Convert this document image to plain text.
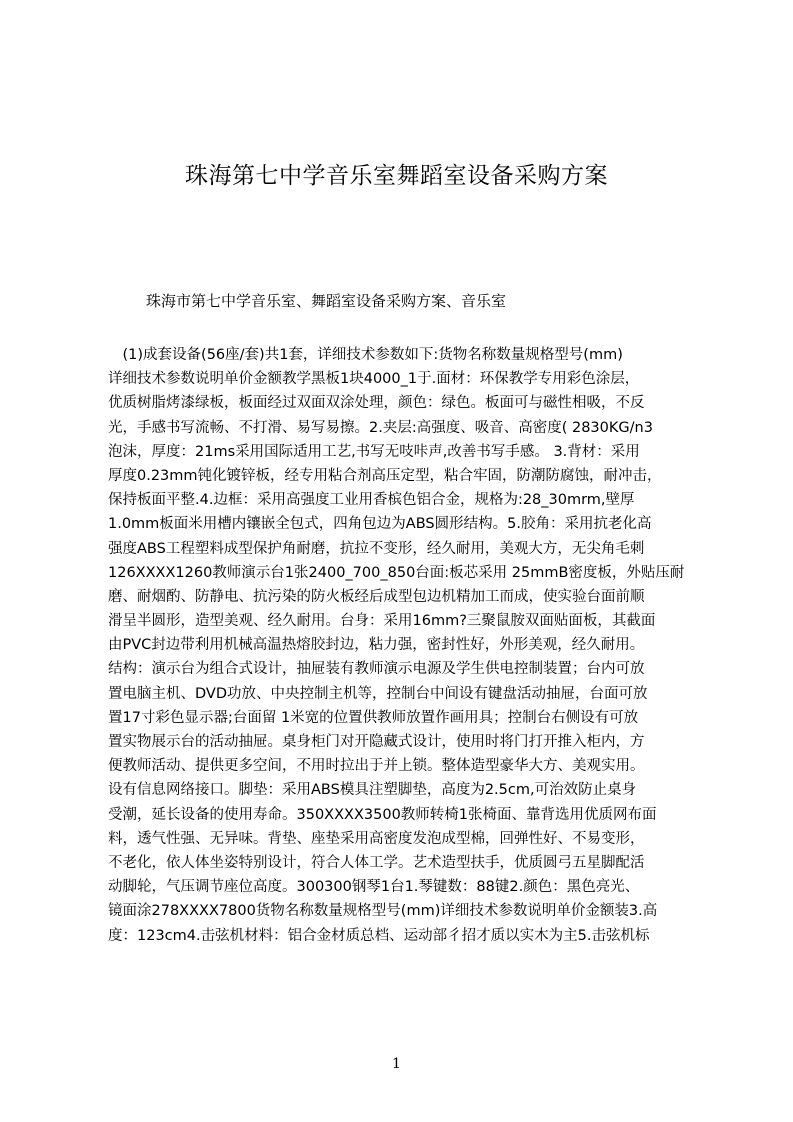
珠海第七中学音乐室舞蹈室设备采购方案
珠海市第七中学音乐室、舞蹈室设备采购方案、音乐室
　(1)成套设备(56座/套)共1套，详细技术参数如下:货物名称数量规格型号(mm)
详细技术参数说明单价金额教学黑板1块4000_1于.面材：环保教学专用彩色涂层，
优质树脂烤漆绿板，板面经过双面双涂处理，颜色：绿色。板面可与磁性相吸，不反
光，手感书写流畅、不打滑、易写易擦。2.夹层:高强度、吸音、高密度( 2830KG/n3
泡沫，厚度：21ms采用国际适用工艺,书写无吱咔声,改善书写手感。 3.背材：采用
厚度0.23mm钝化镀锌板，经专用粘合剂高压定型，粘合牢固，防潮防腐蚀，耐冲击，
保持板面平整.4.边框：采用高强度工业用香槟色铝合金，规格为:28_30mrm,壁厚
1.0mm板面米用槽内镶嵌全包式，四角包边为ABS圆形结构。5.胶角：采用抗老化高
强度ABS工程塑料成型保护角耐磨，抗拉不变形，经久耐用，美观大方，无尖角毛刺
126XXXX1260教师演示台1张2400_700_850台面:板芯采用 25mmB密度板，外贴压耐
磨、耐烟酌、防静电、抗污染的防火板经后成型包边机精加工而成，使实验台面前顺
滑呈半圆形，造型美观、经久耐用。台身：采用16mm?三聚鼠胺双面贴面板，其截面
由PVC封边带利用机械高温热熔胶封边，粘力强，密封性好，外形美观，经久耐用。
结构：演示台为组合式设计，抽屉装有教师演示电源及学生供电控制装置；台内可放
置电脑主机、DVD功放、中央控制主机等，控制台中间设有键盘活动抽屉，台面可放
置17寸彩色显示器;台面留 1米宽的位置供教师放置作画用具；控制台右侧设有可放
置实物展示台的活动抽屉。桌身柜门对开隐藏式设计，使用时将门打开推入柜内，方
便教师活动、提供更多空间，不用时拉出于并上锁。整体造型豪华大方、美观实用。
设有信息网络接口。脚垫：采用ABS模具注塑脚垫，高度为2.5cm,可治效防止桌身
受潮，延长设备的使用寿命。350XXXX3500教师转椅1张椅面、靠背选用优质网布面
料，透气性强、无异味。背垫、座垫采用高密度发泡成型棉，回弹性好、不易变形，
不老化，依人体坐姿特别设计，符合人体工学。艺术造型扶手，优质圆弓五星脚配活
动脚轮，气压调节座位高度。300300钢琴1台1.琴键数：88键2.颜色：黑色亮光、
镜面涂278XXXX7800货物名称数量规格型号(mm)详细技术参数说明单价金额装3.高
度：123cm4.击弦机材料：铝合金材质总档、运动部彳招才质以实木为主5.击弦机标
1
